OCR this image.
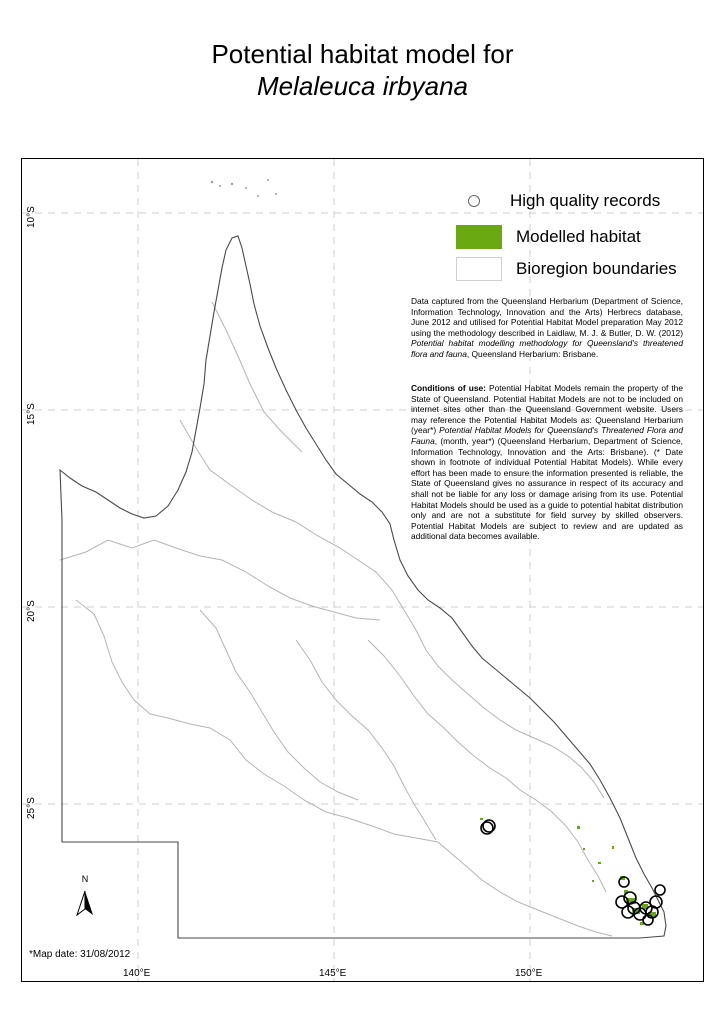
Potential habitat model for
Melaleuca irbyana
High quality records
Modelled habitat
Bioregion boundaries
Data captured from the Queensland Herbarium (Department of Science, Information Technology, Innovation and the Arts) Herbrecs database, June 2012 and utilised for Potential Habitat Model preparation May 2012 using the methodology described in Laidlaw, M. J. & Butler, D. W. (2012) Potential habitat modelling methodology for Queensland's threatened flora and fauna, Queensland Herbarium: Brisbane.
Conditions of use: Potential Habitat Models remain the property of the State of Queensland. Potential Habitat Models are not to be included on internet sites other than the Queensland Government website. Users may reference the Potential Habitat Models as: Queensland Herbarium (year*) Potential Habitat Models for Queensland's Threatened Flora and Fauna, (month, year*) (Queensland Herbarium, Department of Science, Information Technology, Innovation and the Arts: Brisbane). (* Date shown in footnote of individual Potential Habitat Models). While every effort has been made to ensure the information presented is reliable, the State of Queensland gives no assurance in respect of its accuracy and shall not be liable for any loss or damage arising from its use. Potential Habitat Models should be used as a guide to potential habitat distribution only and are not a substitute for field survey by skilled observers. Potential Habitat Models are subject to review and are updated as additional data becomes available.
10°S
15°S
20°S
25°S
140°E	145°E	150°E
N
*Map date: 31/08/2012
